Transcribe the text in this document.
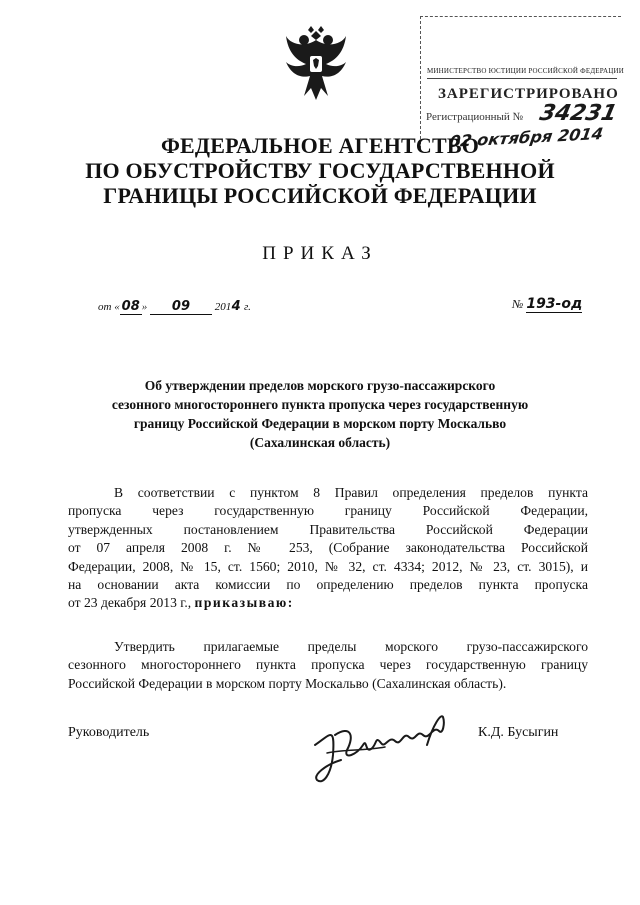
МИНИСТЕРСТВО ЮСТИЦИИ РОССИЙСКОЙ ФЕДЕРАЦИИ
ЗАРЕГИСТРИРОВАНО
Регистрационный № 34231
02 октября 2014
ФЕДЕРАЛЬНОЕ АГЕНТСТВО
ПО ОБУСТРОЙСТВУ ГОСУДАРСТВЕННОЙ
ГРАНИЦЫ РОССИЙСКОЙ ФЕДЕРАЦИИ
ПРИКАЗ
от « 08 » 09 2014 г.	№ 193-од
Об утверждении пределов морского грузо-пассажирского
сезонного многостороннего пункта пропуска через государственную
границу Российской Федерации в морском порту Москальво
(Сахалинская область)
В соответствии с пунктом 8 Правил определения пределов пункта
пропуска через государственную границу Российской Федерации,
утвержденных постановлением Правительства Российской Федерации
от 07 апреля 2008 г. № 253, (Собрание законодательства Российской
Федерации, 2008, № 15, ст. 1560; 2010, № 32, ст. 4334; 2012, № 23, ст. 3015), и
на основании акта комиссии по определению пределов пункта пропуска
от 23 декабря 2013 г., приказываю:
Утвердить прилагаемые пределы морского грузо-пассажирского
сезонного многостороннего пункта пропуска через государственную границу
Российской Федерации в морском порту Москальво (Сахалинская область).
Руководитель	К.Д. Бусыгин
